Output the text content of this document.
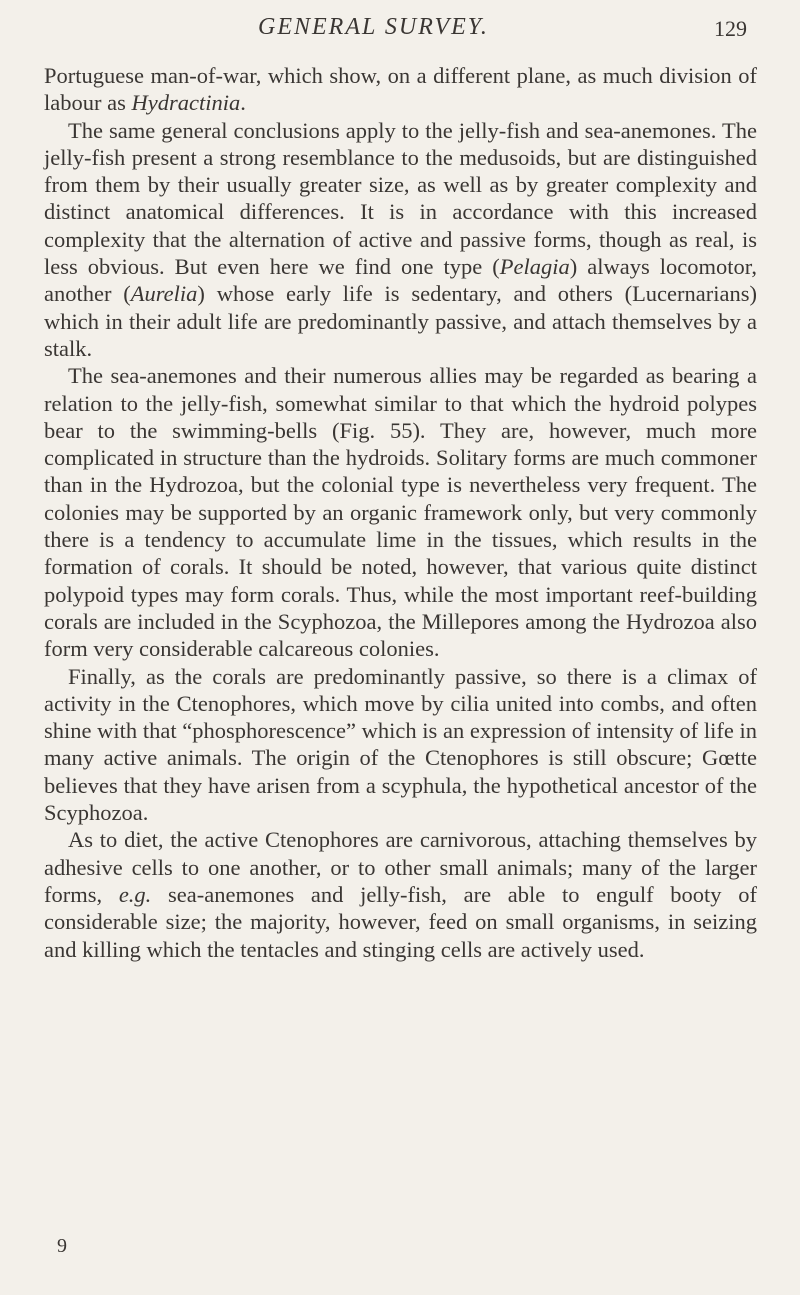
GENERAL SURVEY.	129

Portuguese man-of-war, which show, on a different plane, as much division of labour as Hydractinia.

The same general conclusions apply to the jelly-fish and sea-anemones. The jelly-fish present a strong resemblance to the medusoids, but are distinguished from them by their usually greater size, as well as by greater complexity and distinct anatomical differences. It is in accordance with this increased complexity that the alternation of active and passive forms, though as real, is less obvious. But even here we find one type (Pelagia) always locomotor, another (Aurelia) whose early life is sedentary, and others (Lucernarians) which in their adult life are predominantly passive, and attach themselves by a stalk.

The sea-anemones and their numerous allies may be regarded as bearing a relation to the jelly-fish, somewhat similar to that which the hydroid polypes bear to the swimming-bells (Fig. 55). They are, however, much more complicated in structure than the hydroids. Solitary forms are much commoner than in the Hydrozoa, but the colonial type is nevertheless very frequent. The colonies may be supported by an organic framework only, but very commonly there is a tendency to accumulate lime in the tissues, which results in the formation of corals. It should be noted, however, that various quite distinct polypoid types may form corals. Thus, while the most important reef-building corals are included in the Scyphozoa, the Millepores among the Hydrozoa also form very considerable calcareous colonies.

Finally, as the corals are predominantly passive, so there is a climax of activity in the Ctenophores, which move by cilia united into combs, and often shine with that “phosphorescence” which is an expression of intensity of life in many active animals. The origin of the Ctenophores is still obscure; Gœtte believes that they have arisen from a scyphula, the hypothetical ancestor of the Scyphozoa.

As to diet, the active Ctenophores are carnivorous, attaching themselves by adhesive cells to one another, or to other small animals; many of the larger forms, e.g. sea-anemones and jelly-fish, are able to engulf booty of considerable size; the majority, however, feed on small organisms, in seizing and killing which the tentacles and stinging cells are actively used.

9
